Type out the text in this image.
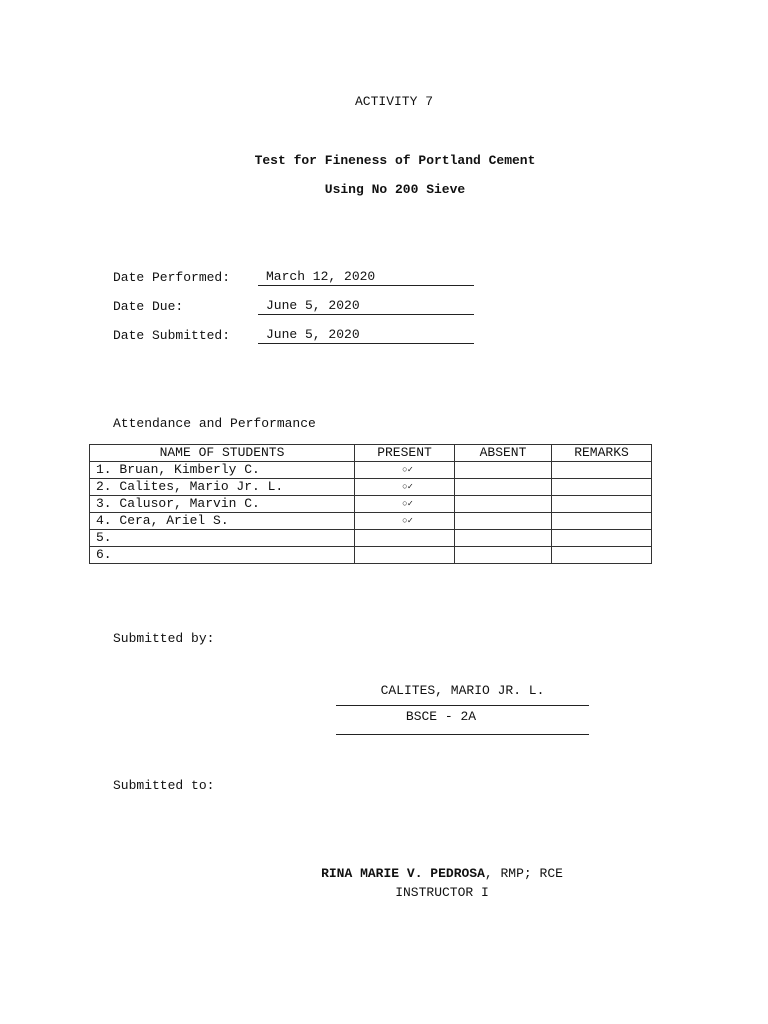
ACTIVITY 7
Test for Fineness of Portland Cement
Using No 200 Sieve
Date Performed:	March 12, 2020
Date Due:	June 5, 2020
Date Submitted:	June 5, 2020
Attendance and Performance
NAME OF STUDENTS	PRESENT	ABSENT	REMARKS
1. Bruan, Kimberly C.	○✓		
2. Calites, Mario Jr. L.	○✓		
3. Calusor, Marvin C.	○✓		
4. Cera, Ariel S.	○✓		
5.			
6.			
Submitted by:
CALITES, MARIO JR. L.
BSCE - 2A
Submitted to:
RINA MARIE V. PEDROSA, RMP; RCE
INSTRUCTOR I
